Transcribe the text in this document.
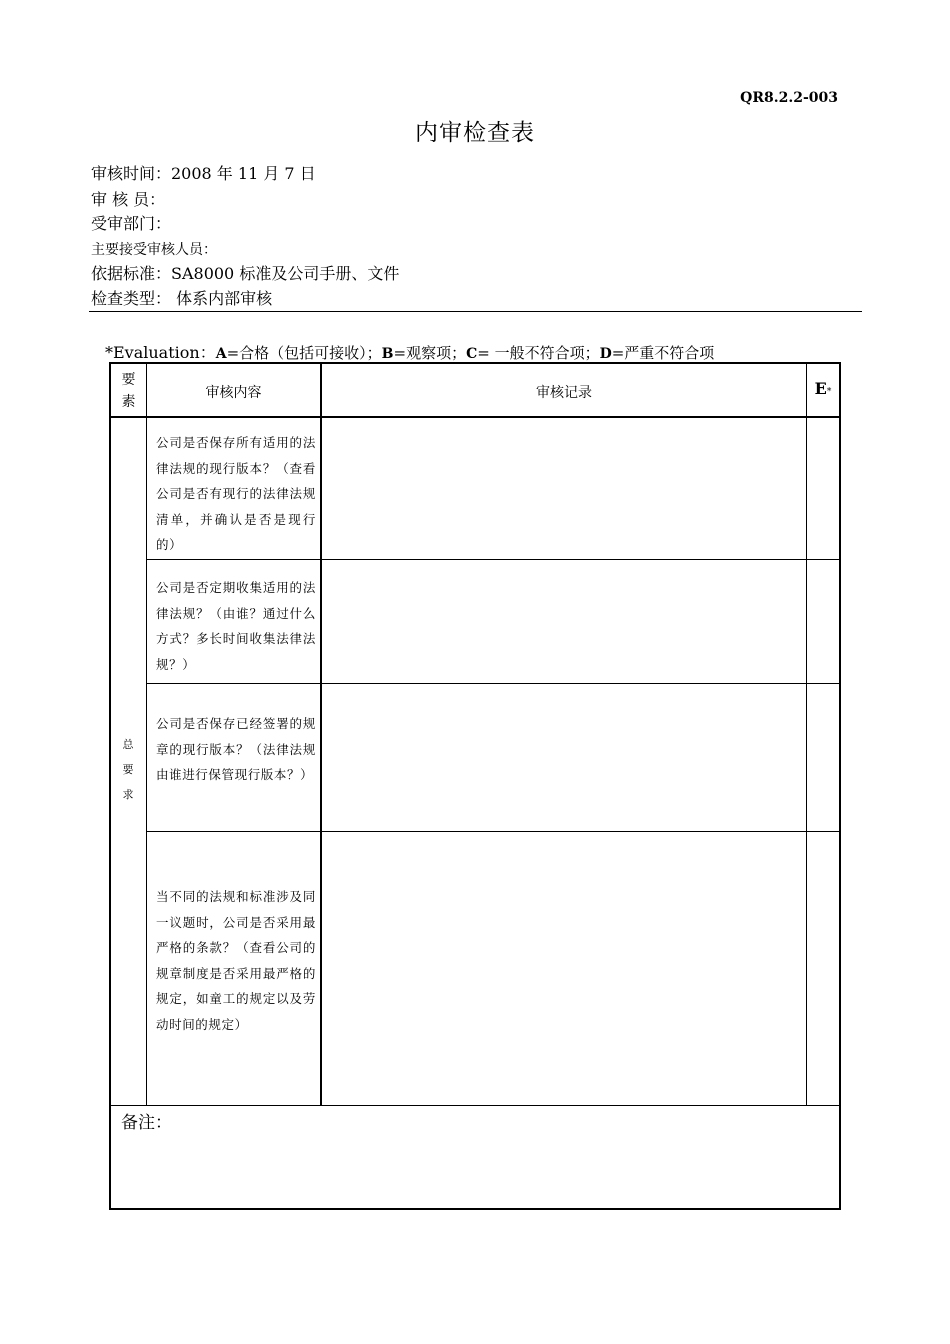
QR8.2.2-003
内审检查表
审核时间：2008 年 11 月 7 日
审 核 员：
受审部门：
主要接受审核人员：
依据标准：SA8000 标准及公司手册、文件
检查类型： 体系内部审核
*Evaluation：A=合格（包括可接收）；B=观察项；C= 一般不符合项；D=严重不符合项
要
素
审核内容	审核记录	E*
总
要
求
公司是否保存所有适用的法律法规的现行版本？（查看公司是否有现行的法律法规清单，并确认是否是现行的）
公司是否定期收集适用的法律法规？（由谁？通过什么方式？多长时间收集法律法规？）
公司是否保存已经签署的规章的现行版本？（法律法规由谁进行保管现行版本？）
当不同的法规和标准涉及同一议题时，公司是否采用最严格的条款？（查看公司的规章制度是否采用最严格的规定，如童工的规定以及劳动时间的规定）
备注：
